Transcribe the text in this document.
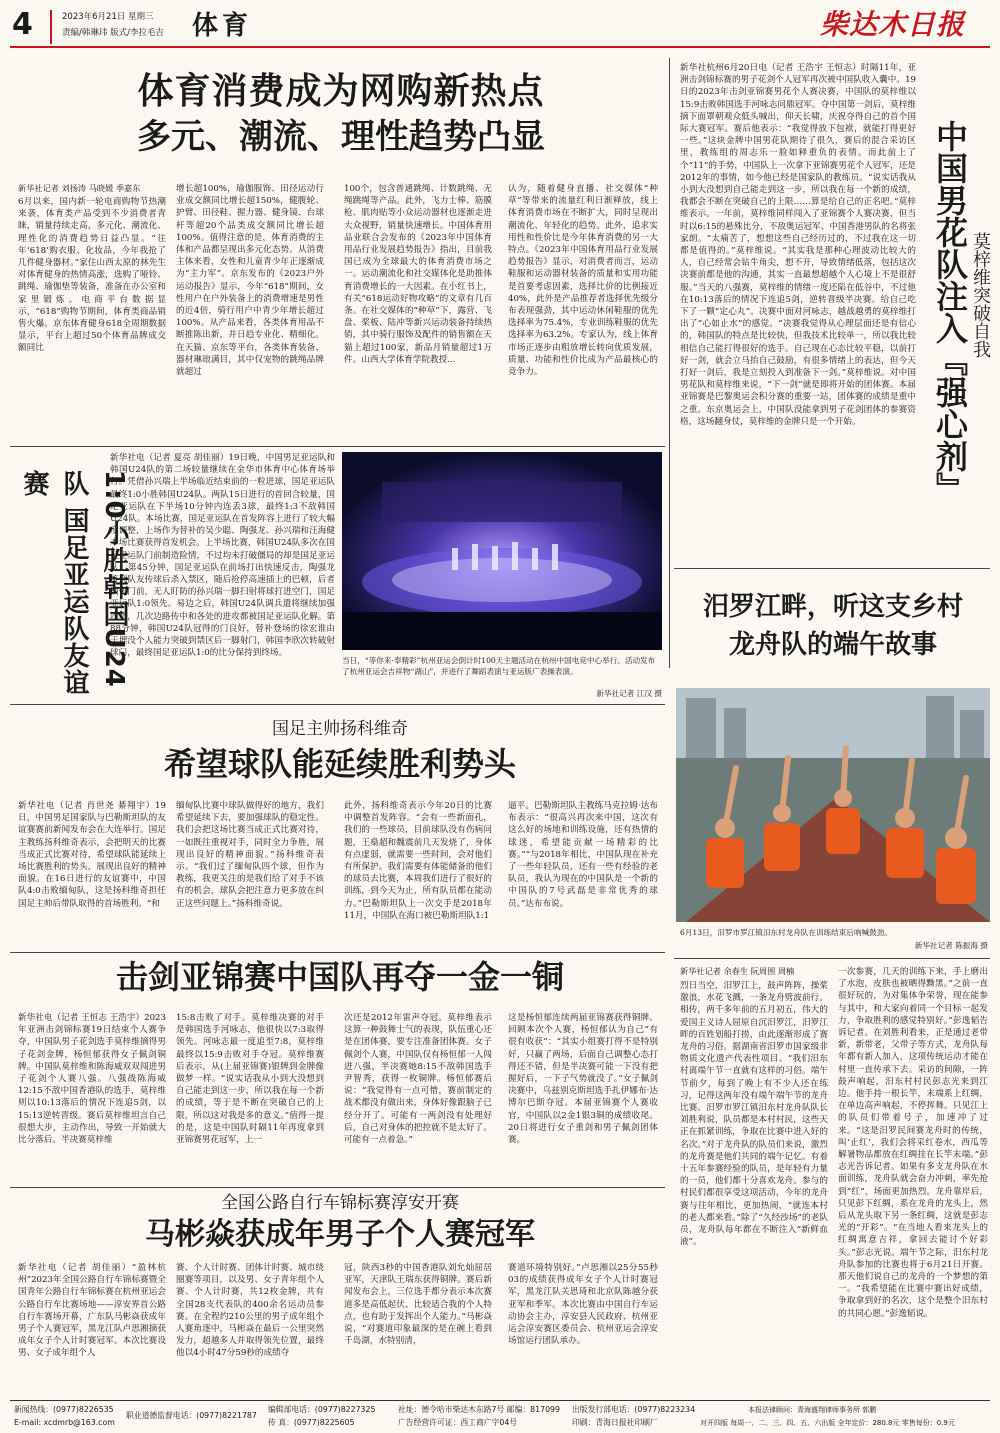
4	2023年6月21日 星期三
责编/韩琳玮 版式/李拉毛吉 体育	柴达木日报
体育消费成为网购新热点
多元、潮流、理性趋势凸显
新华社记者 刘扬涛 马晓媛 季嘉东
6月以来，国内新一轮电商购物节热潮来袭，体育类产品受到不少消费者青睐，销量持续走高，多元化、潮流化、理性化的消费趋势日益凸显。“往年‘618’购衣服、化妆品，今年我抢了几件健身器材。”家住山西太原的林先生对体育健身的热情高涨，选购了哑铃、跳绳、瑜伽垫等装备，准备在办公室和家里锻炼。电商平台数据显示，“618”购物节期间，体育类商品销售火爆。京东体育健身618全周期数据显示，平台上超过50个体育品牌成交额同比
增长超100%，瑜伽服饰、田径运动行业成交额同比增长超150%，健腹轮、护臂、田径鞋、握力器、健身镜、台球杆等超20个品类成交额同比增长超100%。值得注意的是，体育消费的主体和产品都呈现出多元化态势。从消费主体来看，女性和儿童青少年正逐渐成为“主力军”。京东发布的《2023户外运动报告》显示，今年“618”期间，女性用户在户外装备上的消费增速是男性的近4倍，骑行用户中青少年增长超过100%。从产品来看，各类体育用品不断推陈出新，并日趋专业化、精细化。在天猫、京东等平台，各类体育装备、器材琳琅满目，其中仅宠物的跳绳品牌就超过
100个，包含普通跳绳、计数跳绳、无绳跳绳等产品。此外，飞力士棒、筋膜枪、肌肉贴等小众运动器材也逐渐走进大众视野，销量快速增长。中国体育用品业联合会发布的《2023年中国体育用品行业发展趋势报告》指出，目前我国已成为全球最大的体育消费市场之一。运动潮流化和社交媒体化是助推体育消费增长的一大因素。在小红书上，有关“618运动好物攻略”的文章有几百条。在社交媒体的“种草”下，露营、飞盘、桨板、陆冲等新兴运动装备持续热销，其中骑行服饰及配件的销售额在天猫上超过100家，新品月销量超过1万件。山西大学体育学院教授...
认为，随着健身直播、社交媒体“种草”等带来的流量红利日渐释放，线上体育消费市场在不断扩大，同时呈现出潮流化、年轻化的趋势。此外，追求实用性和性价比是今年体育消费的另一大特点。《2023年中国体育用品行业发展趋势报告》显示，对消费者而言，运动鞋服和运动器材装备的质量和实用功能是首要考虑因素，选择比价的比例接近40%，此外是产品推荐者选择优先级分布表现强劲，其中运动休闲鞋服的优先选择率为75.4%，专业训练鞋服的优先选择率为63.2%。专家认为，线上体育市场正逐步由粗放增长转向优质发展，质量、功能和性价比成为产品最核心的竞争力。
新华社杭州6月20日电（记者 王浩宇 王恒志）时隔11年，亚洲击剑锦标赛的男子花剑个人冠军再次被中国队收入囊中。19日的2023年击剑亚锦赛男花个人赛决赛，中国队的莫梓维以15:9击败韩国选手河咏志问鼎冠军。夺中国第一剑后，莫梓维摘下面罩朝观众低头喊出，仰天长啸，庆祝夺得自己的首个国际大赛冠军。赛后他表示：“我觉得放下包袱，就能打得更好一些。”这块金牌中国男花队期待了很久，赛后的混合采访区里，教练组的周志乐一脸如释重负的表情。而此前上了个“11”的手势，中国队上一次拿下亚锦赛男花个人冠军，还是2012年的事情，如今他已经是国家队的教练员。“说实话我从小到大没想到自己能走到这一步，所以我在每一个新的成绩，我都会不断在突破自己的上限……算是给自己的正名吧。”莫梓维表示。一年前，莫梓维同样闯入了亚锦赛个人赛决赛，但当时以6:15的悬殊比分，不敌奥运冠军、中国香港男队的名将张家朗。“太痛苦了，想想这些自己经历过的，不过我在这一切都是值得的。”莫梓维说。“其实我是那种心理波动比较大的人，自己经常会钻牛角尖，想不开，导致情绪低落，包括这次决赛前都是他的沟通，其实一直最想超越个人心境上不是很舒服。”当天的八强赛，莫梓维的情绪一度还陷在低谷中，不过他在10:13落后的情况下连追5剑，逆转晋级半决赛。给自己吃下了一颗“定心丸”。决赛中面对河咏志，越战越勇的莫梓维打出了“心如止水”的感觉。“决赛我觉得从心理层面还是有信心的，韩国队的特点是比较快，但我技术比较单一，所以我比较相信自己能打得很好的选手。自己现在心态比较平稳，以前打好一剑，就会立马抬自己鼓励，有很多情绪上的表达，但今天打好一剑后，我是立刻投入到准备下一剑。”莫梓维说。对中国男花队和莫梓维来说，“下一剑”就是即将开始的团体赛。本届亚锦赛是巴黎奥运会积分赛的重要一站，团体赛的成绩是重中之重。东京奥运会上，中国队没能拿到男子花剑团体的参赛资格，这场翻身仗，莫梓维的金牌只是一个开始。	中国男花队注入『强心剂』 莫梓维突破自我
1:0小胜韩国U24队 国足亚运队友谊赛
新华社电（记者 夏亮 胡佳丽）19日晚，中国男足亚运队和韩国U24队的第二场较量继续在金华市体育中心体育场举行。凭借孙兴瑞上半场临近结束前的一粒进球，国足亚运队最终1:0小胜韩国U24队。两队15日进行的首回合较量，国足亚运队在下半场10分钟内连丢3球，最终1:3不敌韩国U24队。本场比赛，国足亚运队在首发阵容上进行了较大幅度调整，上场作为替补的吴少聪、陶强龙、孙兴瑞和汪海健本场比赛获得首发机会。上半场比赛，韩国U24队多次在国足亚运队门前制造险情，不过均未打破僵局的却是国足亚运队。第45分钟，国足亚运队在前场打出快速反击，陶强龙接到队友传球后杀入禁区，随后抢停高速插上的巴顿，后者横传门前，无人盯防的孙兴瑞一脚扫射将球打进空门，国足亚运队1:0领先。易边之后，韩国U24队调兵遣将继续加强攻势，几次边路传中和各处的进攻都被国足亚运队化解。第88分钟，韩国U24队冠得的门良好，替补登场的徐宏谁由于埋没个人能力突破到禁区后一脚射门，韩国李欣次转破射球门，最终国足亚运队1:0的比分保持到终场。
当日，“等你来·奉精彩”杭州亚运会倒计时100天主题活动在杭州中国电竞中心举行。活动发布了杭州亚运会吉祥物“湖山”，并进行了舞蹈表演与亚运版广表操表演。
新华社记者 江汉 摄
国足主帅扬科维奇
希望球队能延续胜利势头
新华社电（记者 肖世尧 綦翔宇）19日，中国男足国家队与巴勒斯坦队的友谊赛赛前新闻发布会在大连举行。国足主教练扬科维奇表示，会把明天的比赛当成正式比赛对待，希望球队能延续上场比赛胜利的势头，展现出良好的精神面貌。在16日进行的友谊赛中，中国队4:0击败缅甸队，这是扬科维奇担任国足主帅后带队取得的首场胜利。“和
缅甸队比赛中球队做得好的地方，我们希望延续下去，要加强球队的稳定性。我们会把这场比赛当成正式比赛对待，一如既往重视对手，同时全力争胜，展现出良好的精神面貌。”扬科维奇表示。“我们过了缅甸队四个球，但作为教练，我更关注的是我们给了对手不该有的机会，球队会把注意力更多放在纠正这些问题上。”扬科维奇说。
此外，扬科维奇表示今年20日的比赛中调整首发阵容。“会有一些新面孔，我们的一些球员，目前球队没有伤病问题，王燊超和魏震前几天发烧了，身体有点虚弱，就需要一些时间，会对他们有所保护。我们需要有体能储备的他们的球员去比赛，本周我们进行了很好的训练，到今天为止，所有队员都在能动力。”巴勒斯坦队上一次交手是2018年11月，中国队在海口被巴勒斯坦队1:1
逼平。巴勒斯坦队主教练马克拉姆·达布布表示：“很高兴再次来中国，这次有这么好的场地和训练设施，还有热情的球迷，希望能贡献一场精彩的比赛。”“与2018年相比，中国队现在补充了一些年轻队员，还有一些有经验的老队员，我认为现在的中国队是一个新的中国队的7号武磊是非常优秀的球员。”达布布说。
击剑亚锦赛中国队再夺一金一铜
新华社电（记者 王恒志 王浩宇）2023年亚洲击剑锦标赛19日结束个人赛争夺，中国队男子花剑选手莫梓维摘得男子花剑金牌，杨恒郁获得女子佩剑铜牌。中国队莫梓维和陈海威双双闯进男子花剑个人赛八强。八强战陈海威12:15不敌中国香港队的选手，莫梓维则以10:13落后的情况下连追5剑，以15:13逆转晋级。赛后莫梓维坦言自己很想大步，主动作出，导致一开始就大比分落后。半决赛莫梓维
15:8击败了对手。莫梓维决赛的对手是韩国选手河咏志，他很快以7:3取得领先。河咏志最一度追至7:8，莫梓维最终以15:9击败对手夺冠。莫梓维赛后表示，从(上届亚锦赛)银牌到金牌像做梦一样。“说实话我从小到大没想到自己能走到这一步，所以我在每一个新的成绩，等于是不断在突破自己的上限，所以这对我是多的意义。”值得一提的是，这是中国队时隔11年再度拿到亚锦赛男花冠军，上一
次还是2012年雷声夺冠。莫梓维表示这算一种鼓舞士气的表现，队伍重心还是在团体赛，要专注准备团体赛。女子佩剑个人赛，中国队仅有杨恒郁一人闯进八强，半决赛她8:15不敌韩国选手尹智秀，获得一枚铜牌。杨恒郁赛后说：“我觉得有一点可惜，赛前制定的战术都没有做出来，身体好像跟脑子已经分开了。可能有一两剑没有处理好后，自己对身体的把控就不是太好了。可能有一点着急。”
这是杨恒郁连续两届亚锦赛获得铜牌。回顾本次个人赛，杨恒郁认为自己“有很有收获”：“其实小组赛打得不是特别好，只赢了两场，后面自己调整心态打得还不错，但是半决赛可能一下没有把握好后，一下子气势就没了。”女子佩剑决赛中，乌兹别克斯坦选手扎伊娜布·达博尔巴斯夺冠。本届亚锦赛个人赛收官，中国队以2金1银3铜的成绩收尾。20日将进行女子重剑和男子佩剑团体赛。
全国公路自行车锦标赛淳安开赛
马彬焱获成年男子个人赛冠军
新华社电（记者 胡佳丽）“盈林杭州”2023年全国公路自行车锦标赛暨全国青年公路自行车锦标赛在杭州亚运会公路自行车比赛场地——淳安界首公路自行车赛场开幕，广东队马彬焱获成年男子个人赛冠军，黑龙江队卢思湘摘获成年女子个人计时赛冠军。本次比赛设男、女子成年组个人
赛、个人计时赛、团体计时赛、城市绕圈赛等项目，以及男、女子青年组个人赛、个人计时赛，共12枚金牌，共有全国28支代表队的400余名运动员参赛。在全程约210公里的男子成年组个人赛角逐中，马彬焱在最后一公里突然发力，超越多人并取得领先位置，最终他以4小时47分59秒的成绩夺
冠，陕西3秒的中国香港队刘允灿屈居亚军，天津队王瑞东获得铜牌。赛后新闻发布会上，三位选手都分表示本次赛道多是高低起伏、比较适合我的个人特点，也有助于发挥出个人能力。”马彬焱说，“对赛道印象最深的是在碗上看到千岛湖，水特别清，
赛道环境特别好。”卢思湘以25分55秒03的成绩获得成年女子个人计时赛冠军，黑龙江队关思琦和北京队陈越分获亚军和季军。本次比赛由中国自行车运动协会主办，淳安县人民政府、杭州亚运会淳安赛区委员会、杭州亚运会淳安场馆运行团队承办。
汨罗江畔，听这支乡村
龙舟队的端午故事
6月13日，汨罗市罗江镇汨东村龙舟队在训练结束后吶喊鼓劲。
新华社记者 陈振海 摄
新华社记者 余春生 阮周围 周楠
烈日当空，汨罗江上，鼓声阵阵，操桨激浪，水花飞溅，一条龙舟劈波前行。相传，两千多年前的五月初五，伟大的爱国主义诗人屈原自沉汨罗江，汨罗江畔的百姓划船打捞，由此逐渐形成了赛龙舟的习俗。据湖南省汨罗市国家级非物质文化遗产代表性项目。“我们汨东村离端午节一直就有这样的习俗。端午节前夕，每到了晚上有不少人还在练习，记得这两年没有端午端午节的龙舟比赛。汨罗市罗江镇汨东村龙舟队队长刘胜利说，队员都是本村村民，这些天正在抓紧训练，争取在比赛中进入好的名次。”对于龙舟队的队员们来说，激烈的龙舟赛是他们共同的端午记忆。有着十五年参赛经验的队员，是年轻有力量的一员，他们都十分喜欢龙舟。参与的村民们都很享受这项活动，今年的龙舟赛与往年相比，更加热闹，“就连本村的老人都来看。”除了“久经沙场”的老队员，龙舟队每年都在不断注入“新鲜血液”。
一次参赛，几天的训练下来，手上磨出了水泡，皮肤也被晒得黝黑。”之前一直很好玩的，为对集体争荣誉，现在能参与其中，和大家向着同一个目标一起发力，争取胜利的感觉特别好。”彭逸韬告诉记者。在刘胜利看来，正是通过老带新，新带老，父带子等方式，龙舟队每年都有新人加入，这项传统运动才能在村里一直传承下去。采访的间隙，一阵鼓声响起，汨东村村民彭志光来到江边。他手持一根长竿，末端系上红绸，在单边高声响起，不停挥舞。只见江上的队员们带着号子，加速冲了过来。“这是汨罗民间赛龙舟时的传统，叫‘止红’，我们会将采红卷水，西瓜等解暑物品都放在红绸挂在长竿末端。”彭志光告诉记者。如果有多支龙舟队在水面训练，龙舟队就会奋力冲刺，率先抢到“红”，场面更加热烈。龙舟靠岸后，只见彭下红绸，系在龙舟的龙头上，然后从龙头取下另一条红绸，这就是彭志光的“开彩”。“在当地人看来龙头上的红绸寓意吉祥，拿回去能讨个好彩头。”彭志光说。端午节之际，汨东村龙舟队参加的比赛也将于6月21日开赛。那天他们说自己的龙舟的一个梦想的第一。“我希望能在比赛中赛出好成绩，争取拿到好的名次，这个是整个汨东村的共同心愿。”彭逸韬说。
新闻热线：(0977)8226535
E-mail: xcdmrb@163.com
职业道德监督电话：(0977)8221787
编辑部电话：(0977)8227325
传 真：(0977)8225605
社址：德令哈市柴达木东路7号 邮编：817099
广告经营许可证：西工商广字04号
出版发行部电话：(0977)8223234
印刷：青海日报社印刷厂
本报法律顾问：青海盛翔律师事务所 郭鹏
对开四版 每周一、二、三、四、五、六出版 全年定价：280.8元 零售每份：0.9元
